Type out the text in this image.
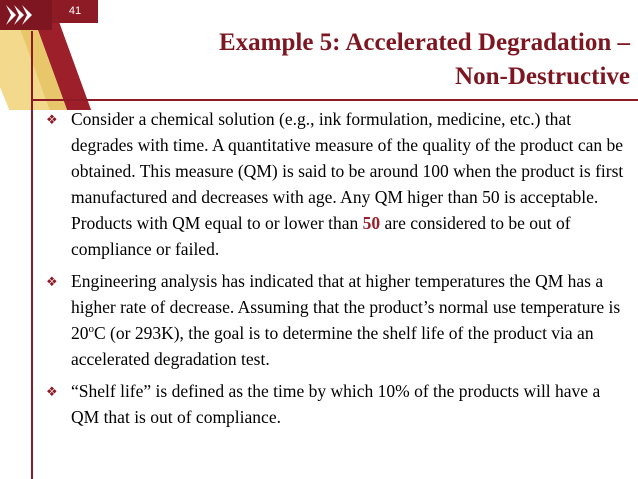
41
Example 5: Accelerated Degradation –
Non-Destructive
❖ Consider a chemical solution (e.g., ink formulation, medicine, etc.) that degrades with time. A quantitative measure of the quality of the product can be obtained. This measure (QM) is said to be around 100 when the product is first manufactured and decreases with age. Any QM higer than 50 is acceptable. Products with QM equal to or lower than 50 are considered to be out of compliance or failed.
❖ Engineering analysis has indicated that at higher temperatures the QM has a higher rate of decrease. Assuming that the product’s normal use temperature is 20$^o$C (or 293K), the goal is to determine the shelf life of the product via an accelerated degradation test.
❖ “Shelf life” is defined as the time by which 10% of the products will have a QM that is out of compliance.
